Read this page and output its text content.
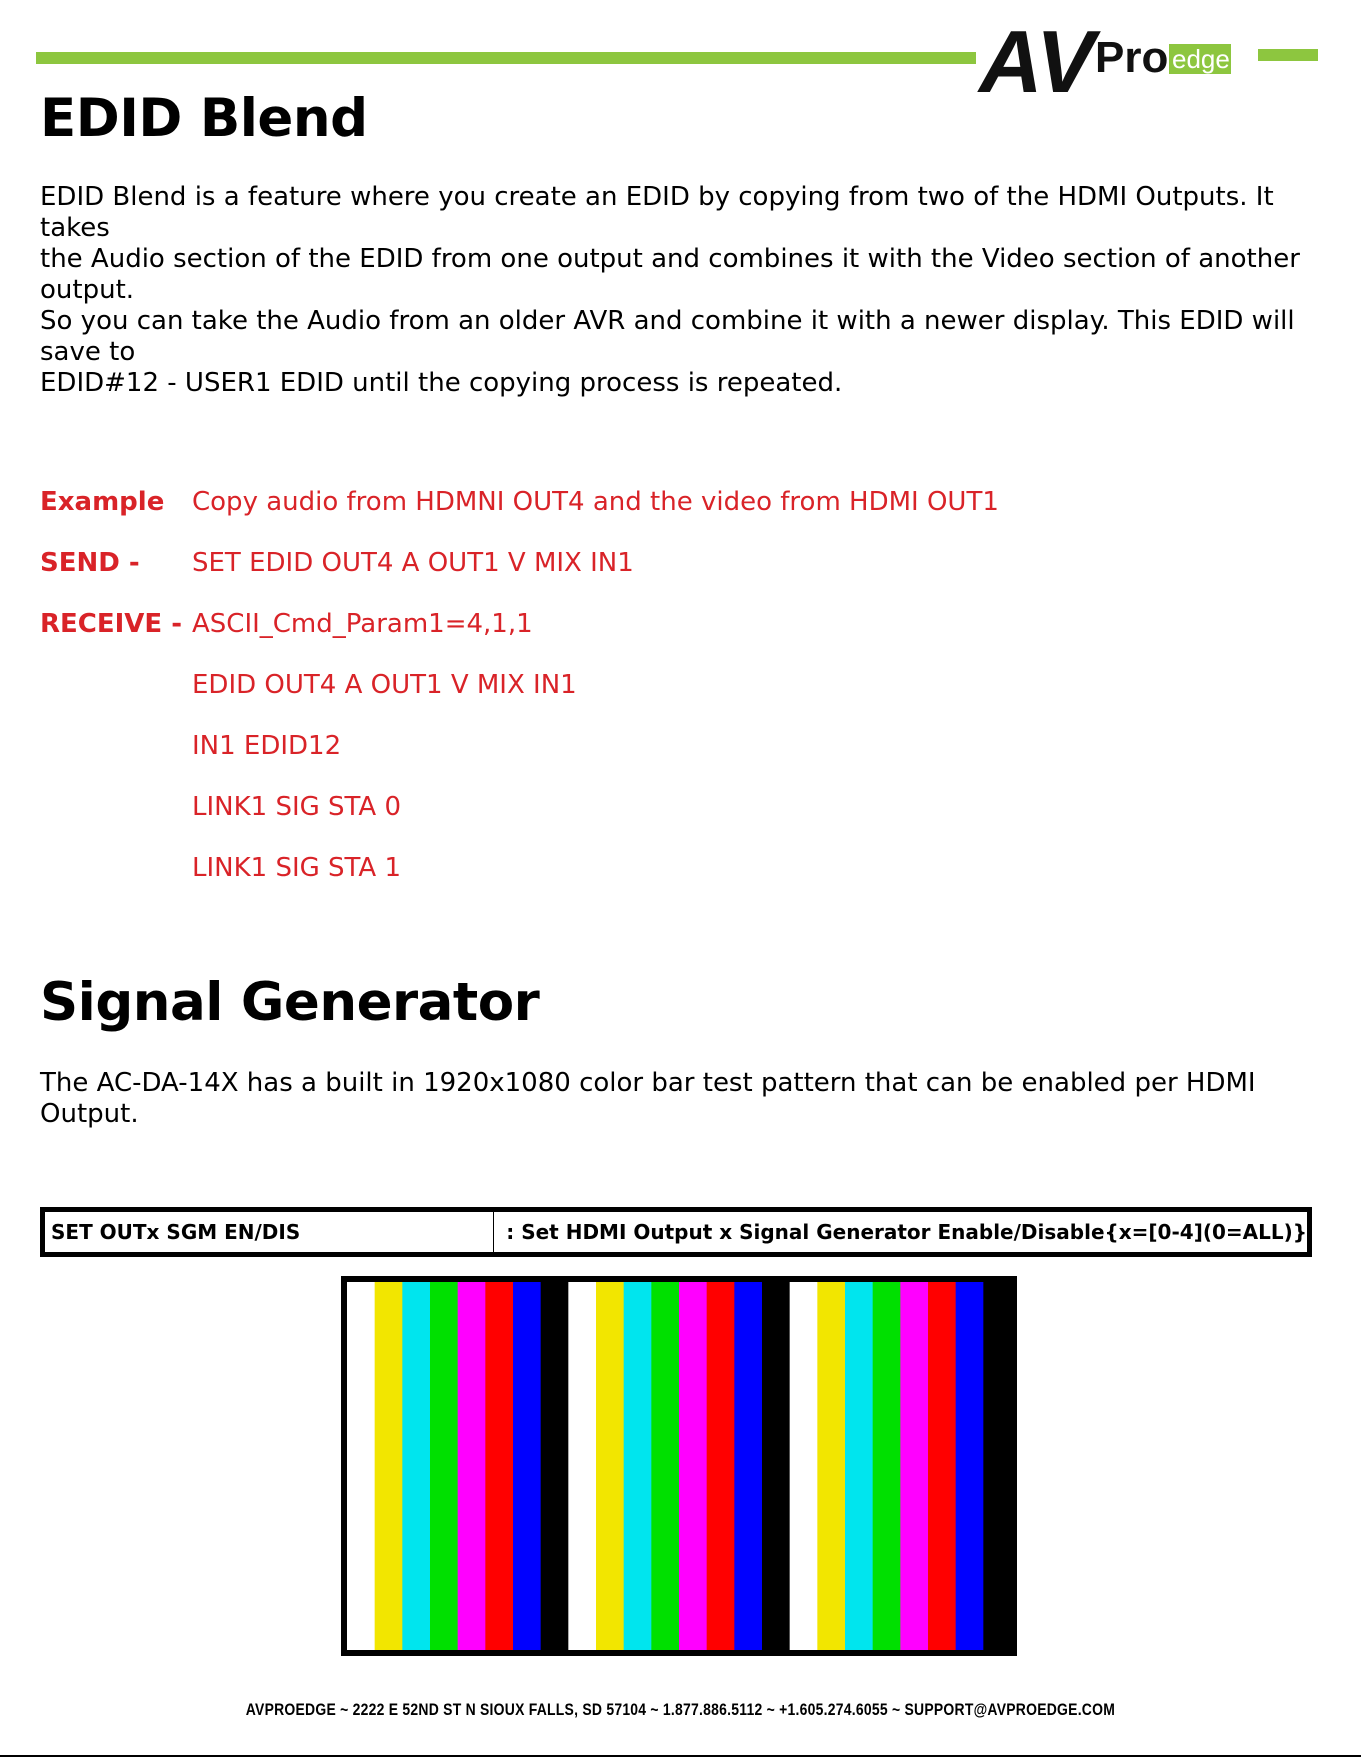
AV Pro edge
EDID Blend
EDID Blend is a feature where you create an EDID by copying from two of the HDMI Outputs. It takes
the Audio section of the EDID from one output and combines it with the Video section of another output.
So you can take the Audio from an older AVR and combine it with a newer display. This EDID will save to
EDID#12 - USER1 EDID until the copying process is repeated.
Example Copy audio from HDMNI OUT4 and the video from HDMI OUT1
SEND - SET EDID OUT4 A OUT1 V MIX IN1
RECEIVE - ASCII_Cmd_Param1=4,1,1
EDID OUT4 A OUT1 V MIX IN1
IN1 EDID12
LINK1 SIG STA 0
LINK1 SIG STA 1
Signal Generator
The AC-DA-14X has a built in 1920x1080 color bar test pattern that can be enabled per HDMI Output.
SET OUTx SGM EN/DIS	: Set HDMI Output x Signal Generator Enable/Disable{x=[0-4](0=ALL)}
AVPROEDGE ~ 2222 E 52ND ST N SIOUX FALLS, SD 57104 ~ 1.877.886.5112 ~ +1.605.274.6055 ~ SUPPORT@AVPROEDGE.COM
